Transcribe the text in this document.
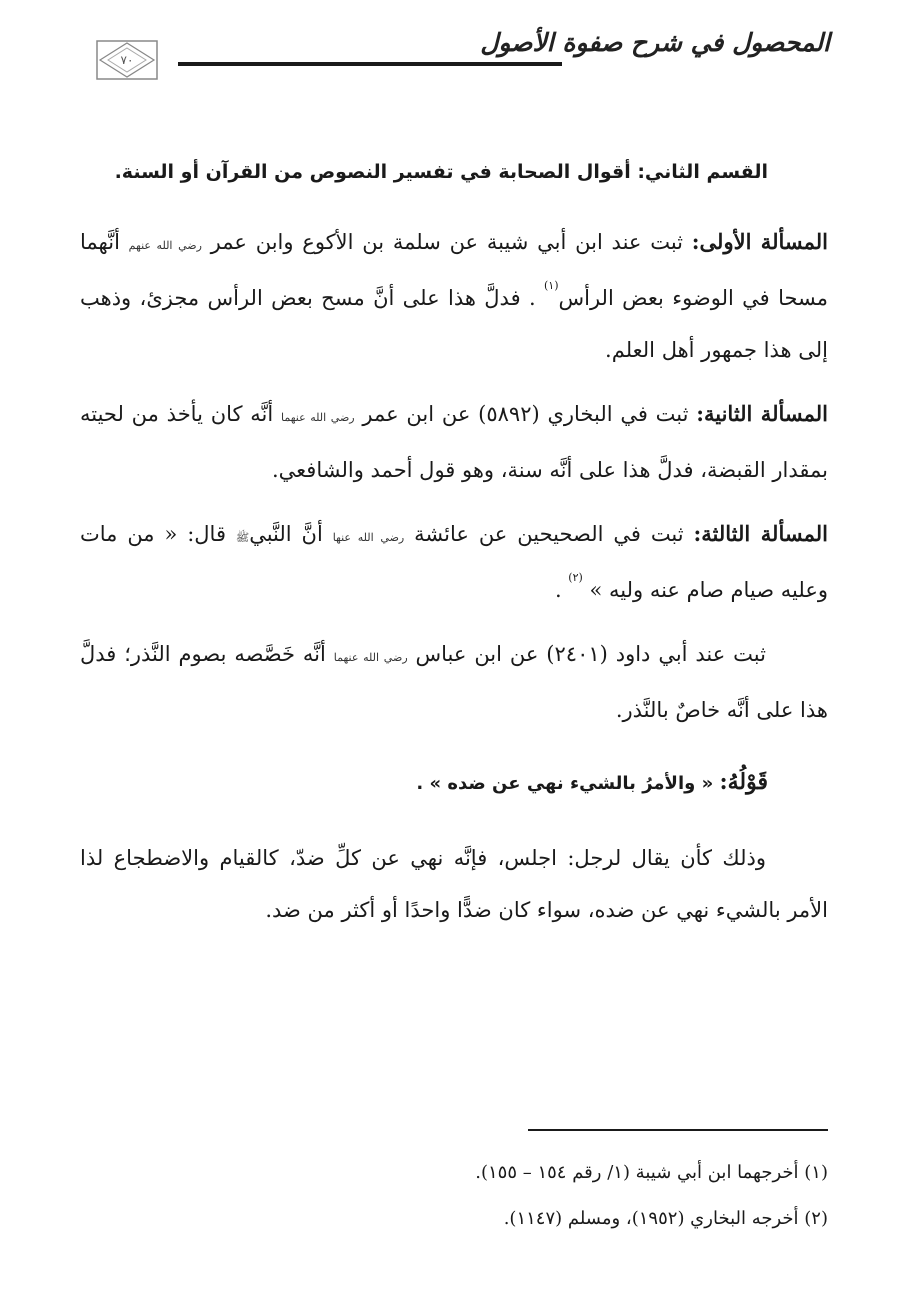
المحصول في شرح صفوة الأصول
٧٠
القسم الثاني: أقوال الصحابة في تفسير النصوص من القرآن أو السنة.

المسألة الأولى: ثبت عند ابن أبي شيبة عن سلمة بن الأكوع وابن عمر رضي الله عنهم أنَّهما مسحا في الوضوء بعض الرأس$^{(١)}$ . فدلَّ هذا على أنَّ مسح بعض الرأس مجزئ، وذهب إلى هذا جمهور أهل العلم.

المسألة الثانية: ثبت في البخاري (٥٨٩٢) عن ابن عمر رضي الله عنهما أنَّه كان يأخذ من لحيته بمقدار القبضة، فدلَّ هذا على أنَّه سنة، وهو قول أحمد والشافعي.

المسألة الثالثة: ثبت في الصحيحين عن عائشة رضي الله عنها أنَّ النَّبيﷺ قال: « من مات وعليه صيام صام عنه وليه » $^{(٢)}$ .

ثبت عند أبي داود (٢٤٠١) عن ابن عباس رضي الله عنهما أنَّه خَصَّصه بصوم النَّذر؛ فدلَّ هذا على أنَّه خاصٌ بالنَّذر.

قَوْلُهُ: « والأمرُ بالشيء نهي عن ضده » .

وذلك كأن يقال لرجل: اجلس، فإنَّه نهي عن كلِّ ضدّ، كالقيام والاضطجاع لذا الأمر بالشيء نهي عن ضده، سواء كان ضدًّا واحدًا أو أكثر من ضد.

(١) أخرجهما ابن أبي شيبة (١/ رقم ١٥٤ – ١٥٥).

(٢) أخرجه البخاري (١٩٥٢)، ومسلم (١١٤٧).
